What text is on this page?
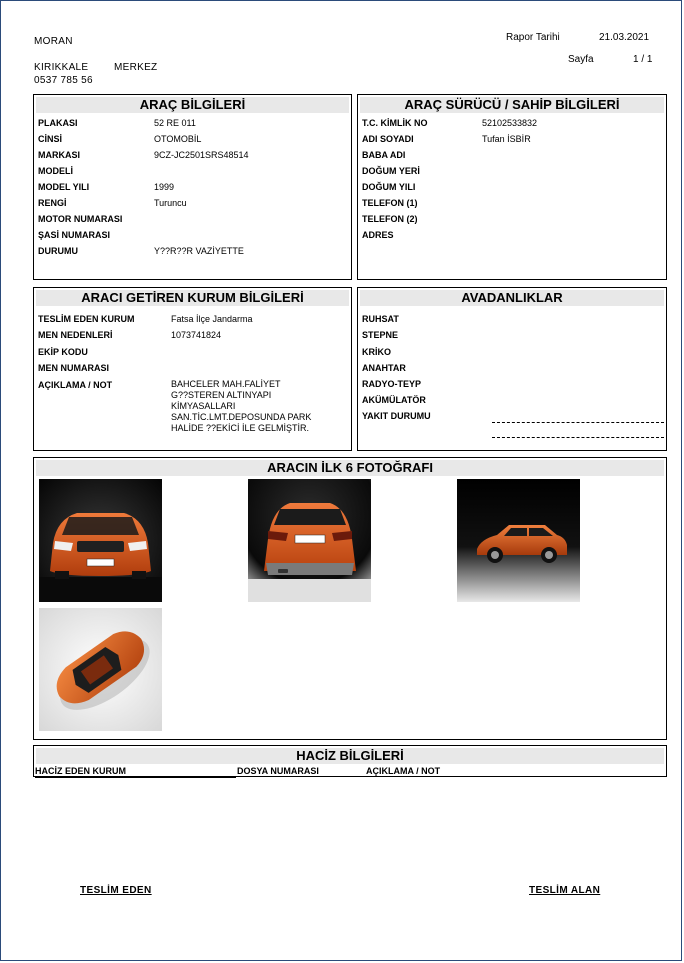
MORAN
KIRIKKALE	MERKEZ
0537 785 56
Rapor Tarihi	21.03.2021
Sayfa	1 / 1
ARAÇ BİLGİLERİ
PLAKASI	52 RE 011
CİNSİ	OTOMOBİL
MARKASI	9CZ-JC2501SRS48514
MODELİ
MODEL YILI	1999
RENGİ	Turuncu
MOTOR NUMARASI
ŞASİ NUMARASI
DURUMU	Y??R??R VAZİYETTE
ARAÇ SÜRÜCÜ / SAHİP BİLGİLERİ
T.C. KİMLİK NO	52102533832
ADI SOYADI	Tufan İSBİR
BABA ADI
DOĞUM YERİ
DOĞUM YILI
TELEFON (1)
TELEFON (2)
ADRES
ARACI GETİREN KURUM BİLGİLERİ
TESLİM EDEN KURUM	Fatsa İlçe Jandarma
MEN NEDENLERİ	1073741824
EKİP KODU
MEN NUMARASI
AÇIKLAMA / NOT	BAHCELER MAH.FALİYET
G??STEREN ALTINYAPI
KİMYASALLARI
SAN.TİC.LMT.DEPOSUNDA PARK
HALİDE ??EKİCİ İLE GELMİŞTİR.
AVADANLIKLAR
RUHSAT
STEPNE
KRİKO
ANAHTAR
RADYO-TEYP
AKÜMÜLATÖR
YAKIT DURUMU
ARACIN İLK 6 FOTOĞRAFI
HACİZ BİLGİLERİ
HACİZ EDEN KURUM	DOSYA NUMARASI	AÇIKLAMA / NOT
TESLİM EDEN	TESLİM ALAN
